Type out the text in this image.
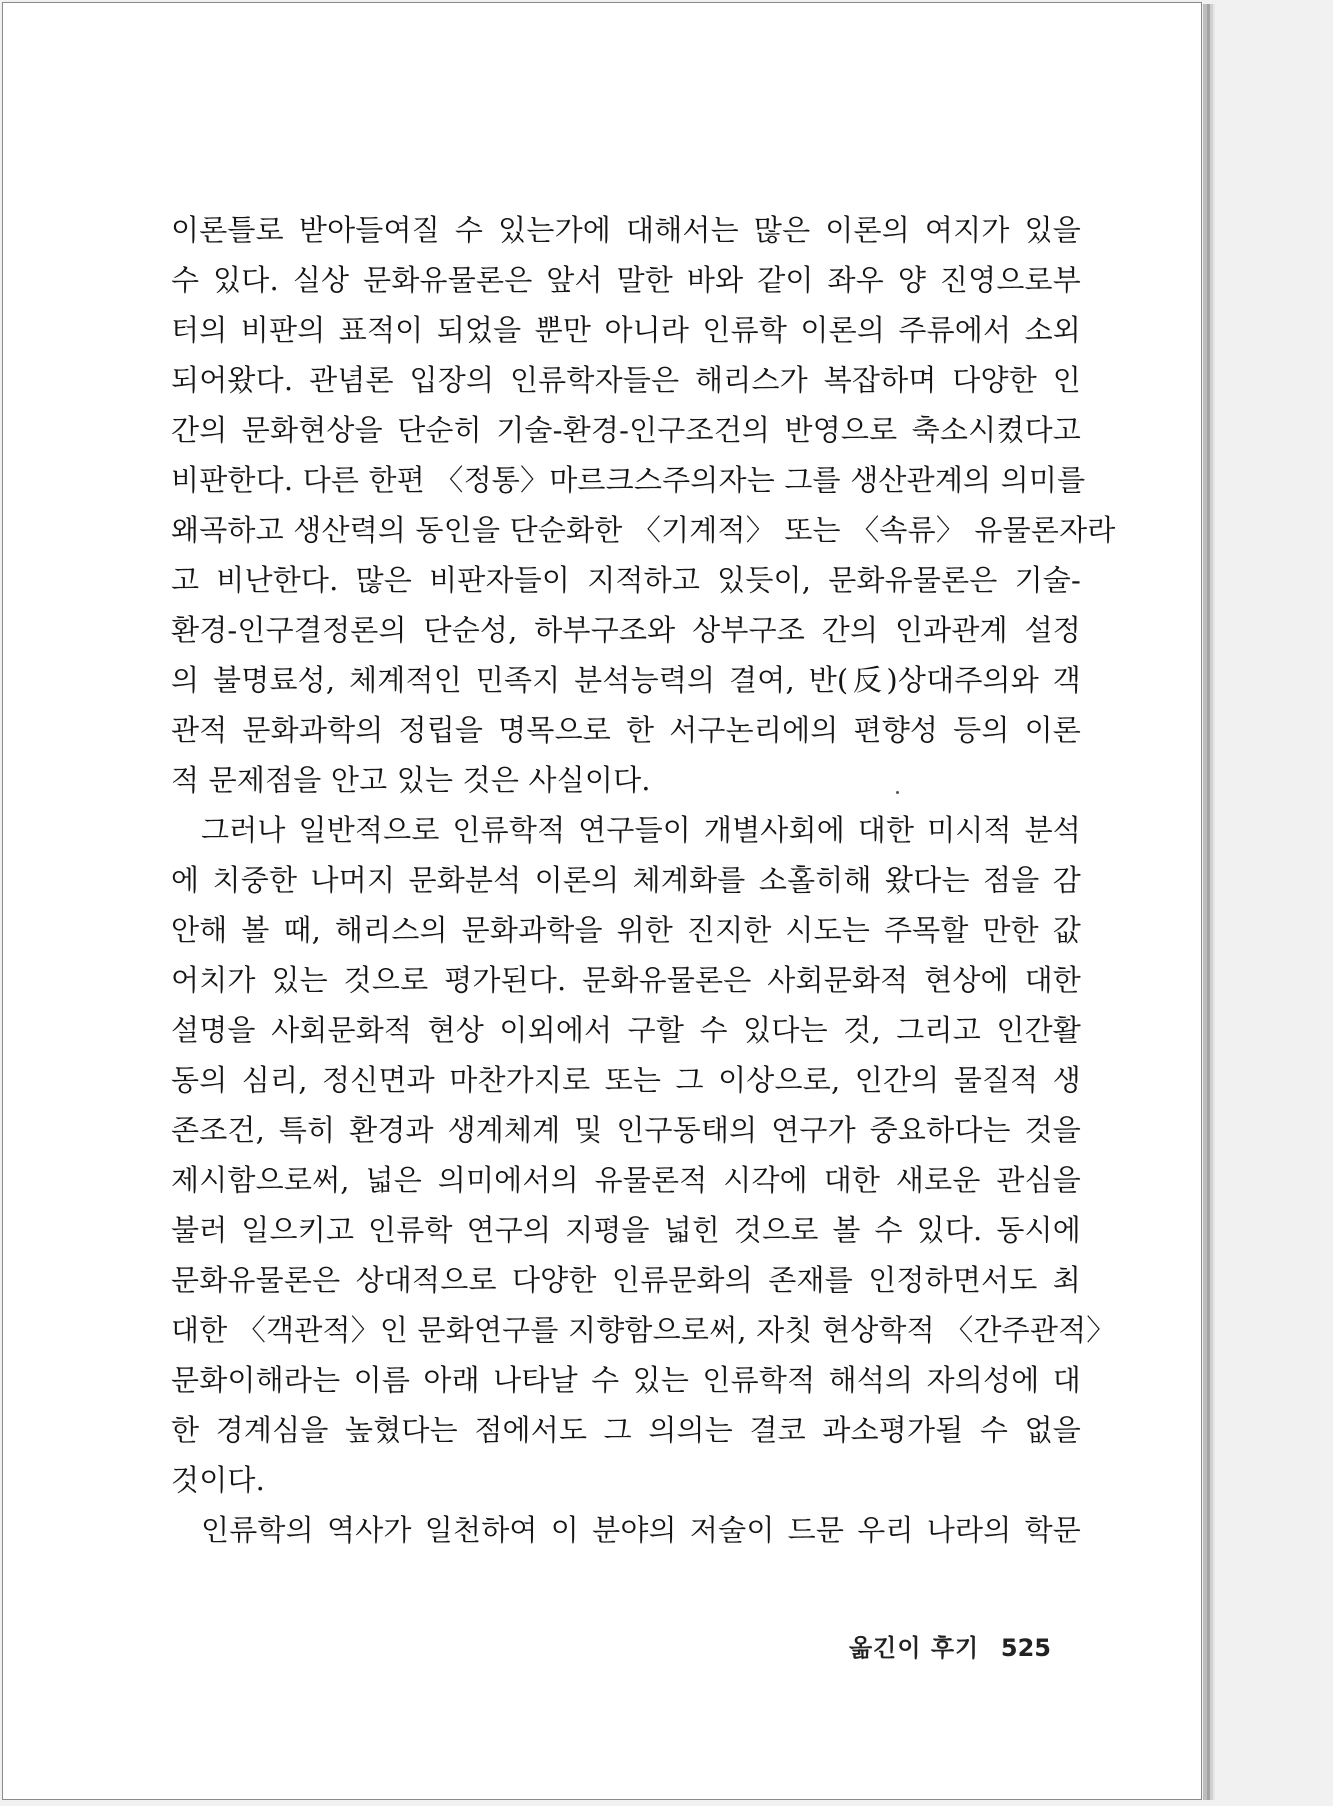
이론틀로 받아들여질 수 있는가에 대해서는 많은 이론의 여지가 있을
수 있다. 실상 문화유물론은 앞서 말한 바와 같이 좌우 양 진영으로부
터의 비판의 표적이 되었을 뿐만 아니라 인류학 이론의 주류에서 소외
되어왔다. 관념론 입장의 인류학자들은 해리스가 복잡하며 다양한 인
간의 문화현상을 단순히 기술-환경-인구조건의 반영으로 축소시켰다고
비판한다. 다른 한편 〈정통〉마르크스주의자는 그를 생산관계의 의미를
왜곡하고 생산력의 동인을 단순화한 〈기계적〉 또는 〈속류〉 유물론자라
고 비난한다. 많은 비판자들이 지적하고 있듯이, 문화유물론은 기술-
환경-인구결정론의 단순성, 하부구조와 상부구조 간의 인과관계 설정
의 불명료성, 체계적인 민족지 분석능력의 결여, 반(反)상대주의와 객
관적 문화과학의 정립을 명목으로 한 서구논리에의 편향성 등의 이론
적 문제점을 안고 있는 것은 사실이다.
그러나 일반적으로 인류학적 연구들이 개별사회에 대한 미시적 분석
에 치중한 나머지 문화분석 이론의 체계화를 소홀히해 왔다는 점을 감
안해 볼 때, 해리스의 문화과학을 위한 진지한 시도는 주목할 만한 값
어치가 있는 것으로 평가된다. 문화유물론은 사회문화적 현상에 대한
설명을 사회문화적 현상 이외에서 구할 수 있다는 것, 그리고 인간활
동의 심리, 정신면과 마찬가지로 또는 그 이상으로, 인간의 물질적 생
존조건, 특히 환경과 생계체계 및 인구동태의 연구가 중요하다는 것을
제시함으로써, 넓은 의미에서의 유물론적 시각에 대한 새로운 관심을
불러 일으키고 인류학 연구의 지평을 넓힌 것으로 볼 수 있다. 동시에
문화유물론은 상대적으로 다양한 인류문화의 존재를 인정하면서도 최
대한 〈객관적〉인 문화연구를 지향함으로써, 자칫 현상학적 〈간주관적〉
문화이해라는 이름 아래 나타날 수 있는 인류학적 해석의 자의성에 대
한 경계심을 높혔다는 점에서도 그 의의는 결코 과소평가될 수 없을
것이다.
인류학의 역사가 일천하여 이 분야의 저술이 드문 우리 나라의 학문
옮긴이 후기 525
